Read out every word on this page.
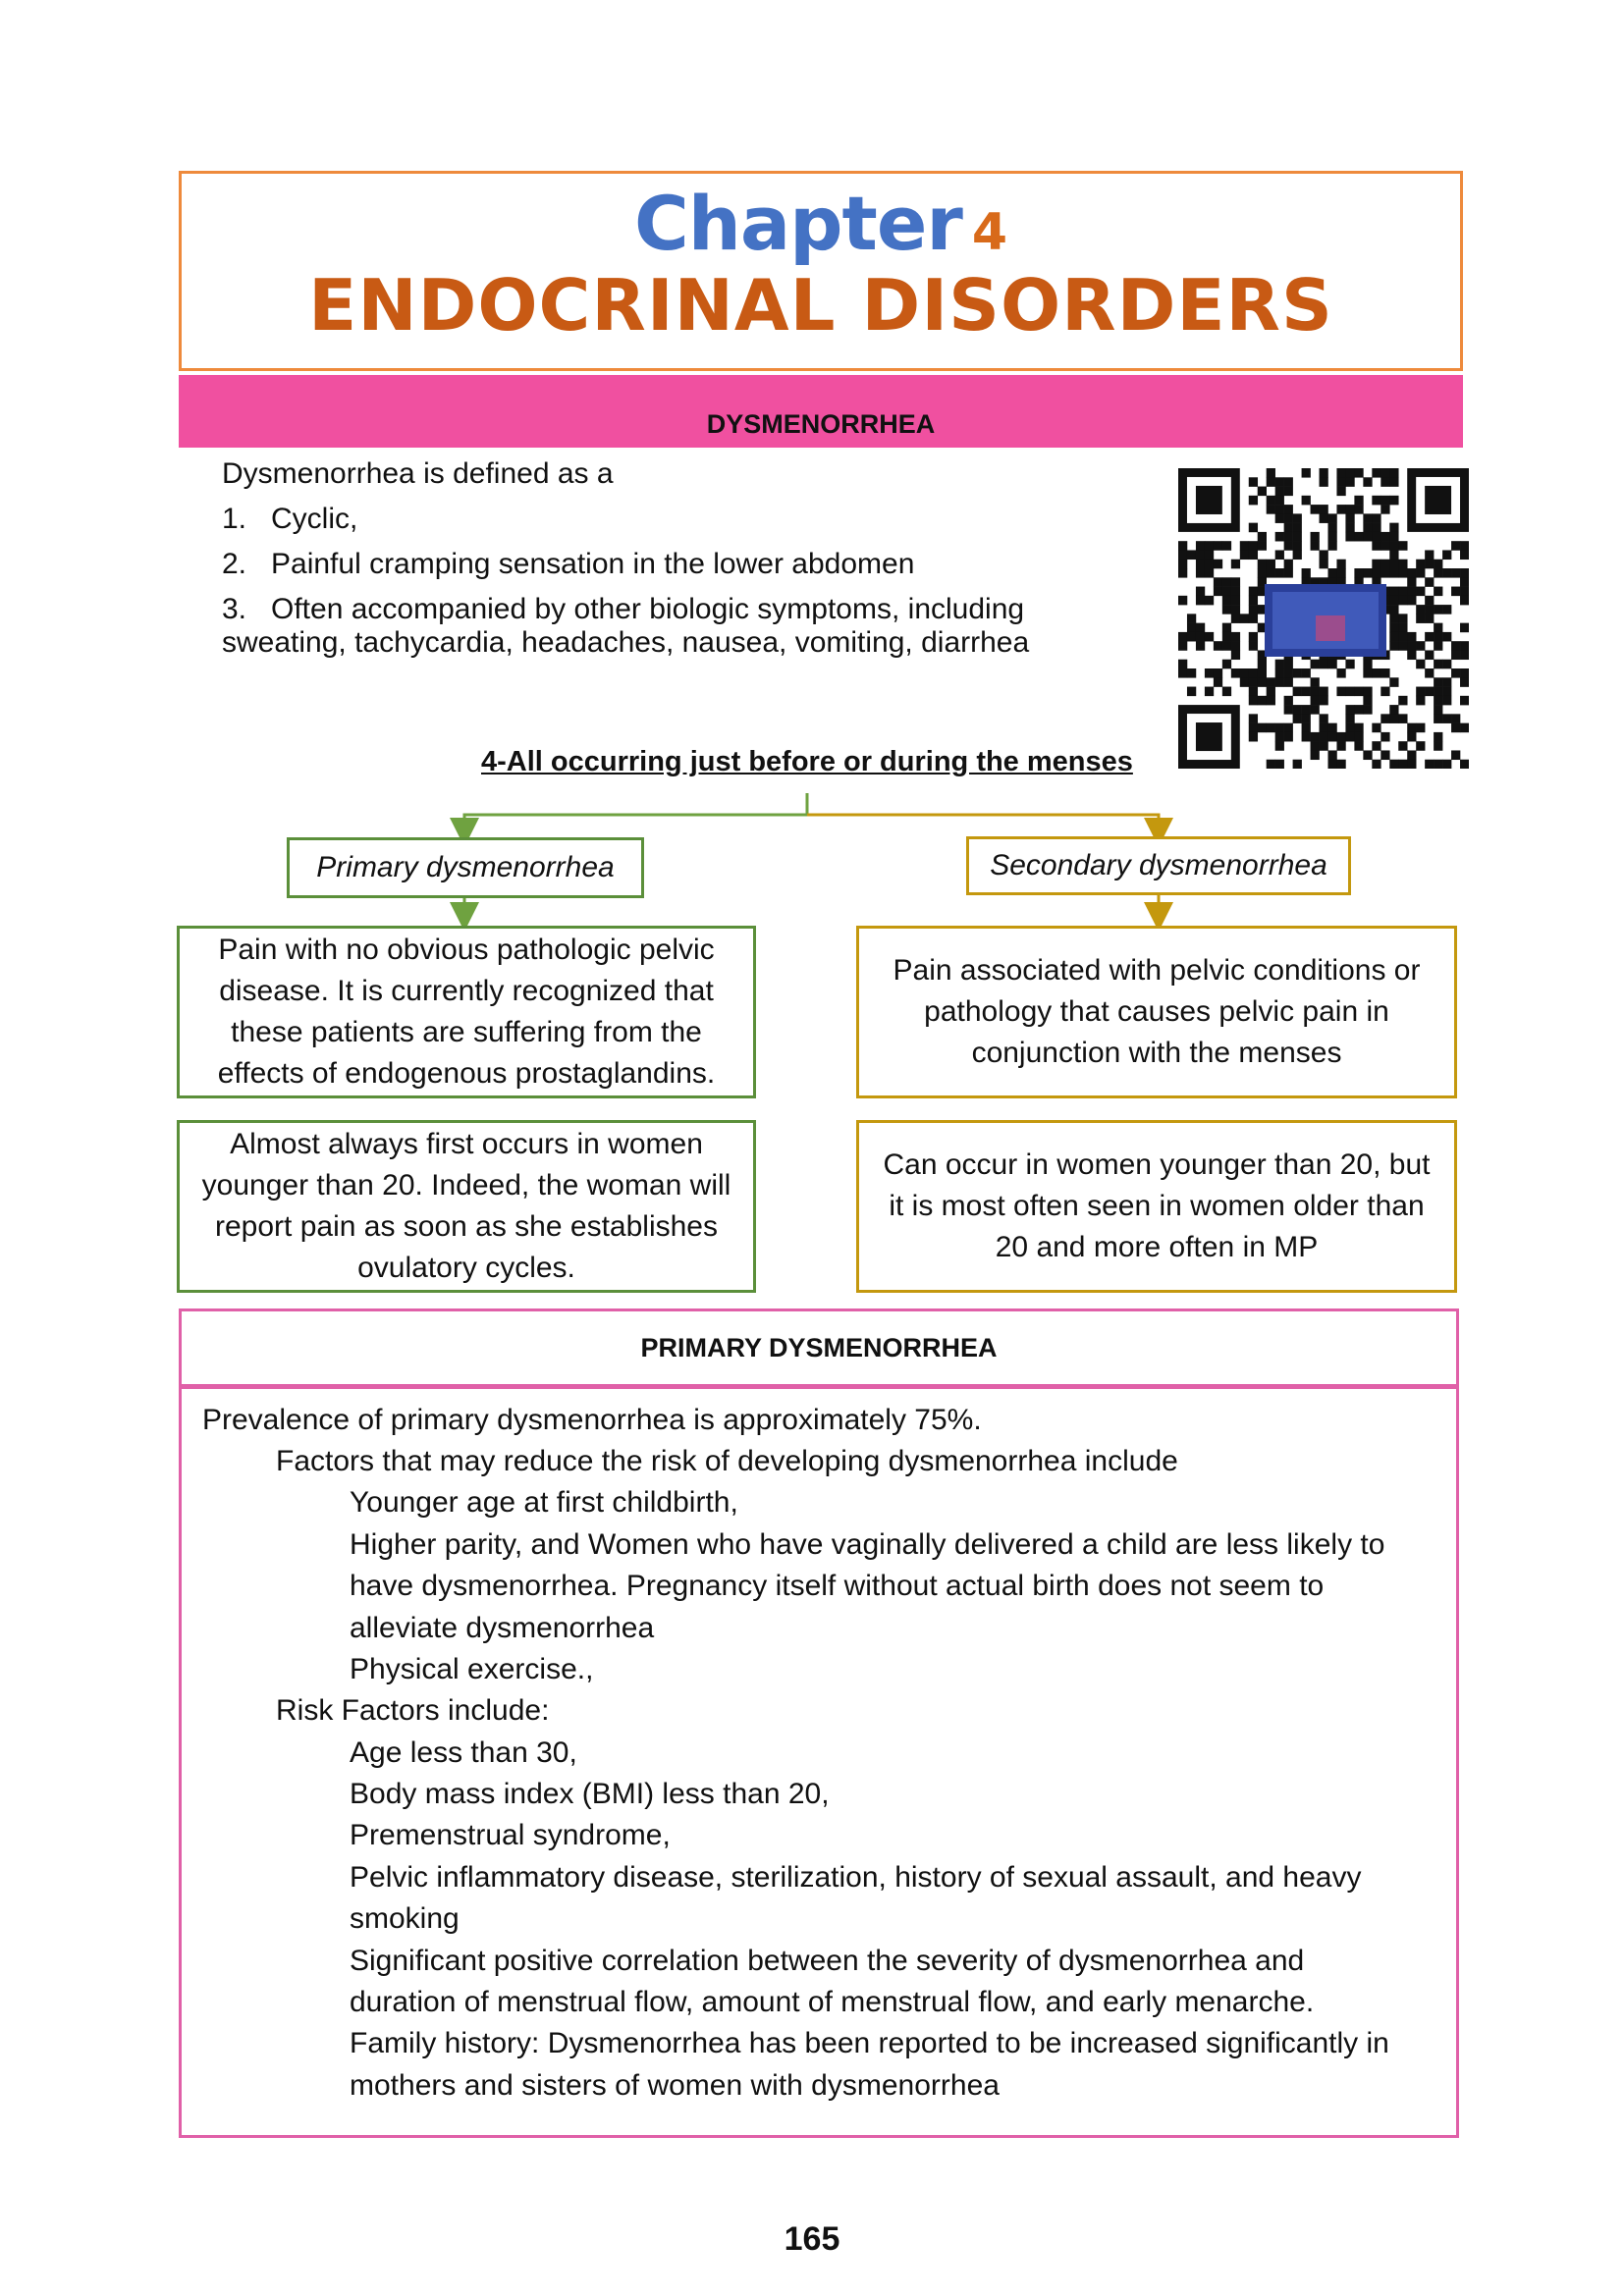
Chapter 4
ENDOCRINAL DISORDERS
DYSMENORRHEA
Dysmenorrhea is defined as a
1. Cyclic,
2. Painful cramping sensation in the lower abdomen
3. Often accompanied by other biologic symptoms, including
sweating, tachycardia, headaches, nausea, vomiting, diarrhea
4-All occurring just before or during the menses
Primary dysmenorrhea
Pain with no obvious pathologic pelvic disease. It is currently recognized that these patients are suffering from the effects of endogenous prostaglandins.
Almost always first occurs in women younger than 20. Indeed, the woman will report pain as soon as she establishes ovulatory cycles.
Secondary dysmenorrhea
Pain associated with pelvic conditions or pathology that causes pelvic pain in conjunction with the menses
Can occur in women younger than 20, but it is most often seen in women older than 20 and more often in MP
PRIMARY DYSMENORRHEA
Prevalence of primary dysmenorrhea is approximately 75%.
Factors that may reduce the risk of developing dysmenorrhea include
Younger age at first childbirth,
Higher parity, and Women who have vaginally delivered a child are less likely to
have dysmenorrhea. Pregnancy itself without actual birth does not seem to
alleviate dysmenorrhea
Physical exercise.,
Risk Factors include:
Age less than 30,
Body mass index (BMI) less than 20,
Premenstrual syndrome,
Pelvic inflammatory disease, sterilization, history of sexual assault, and heavy
smoking
Significant positive correlation between the severity of dysmenorrhea and
duration of menstrual flow, amount of menstrual flow, and early menarche.
Family history: Dysmenorrhea has been reported to be increased significantly in
mothers and sisters of women with dysmenorrhea
165
